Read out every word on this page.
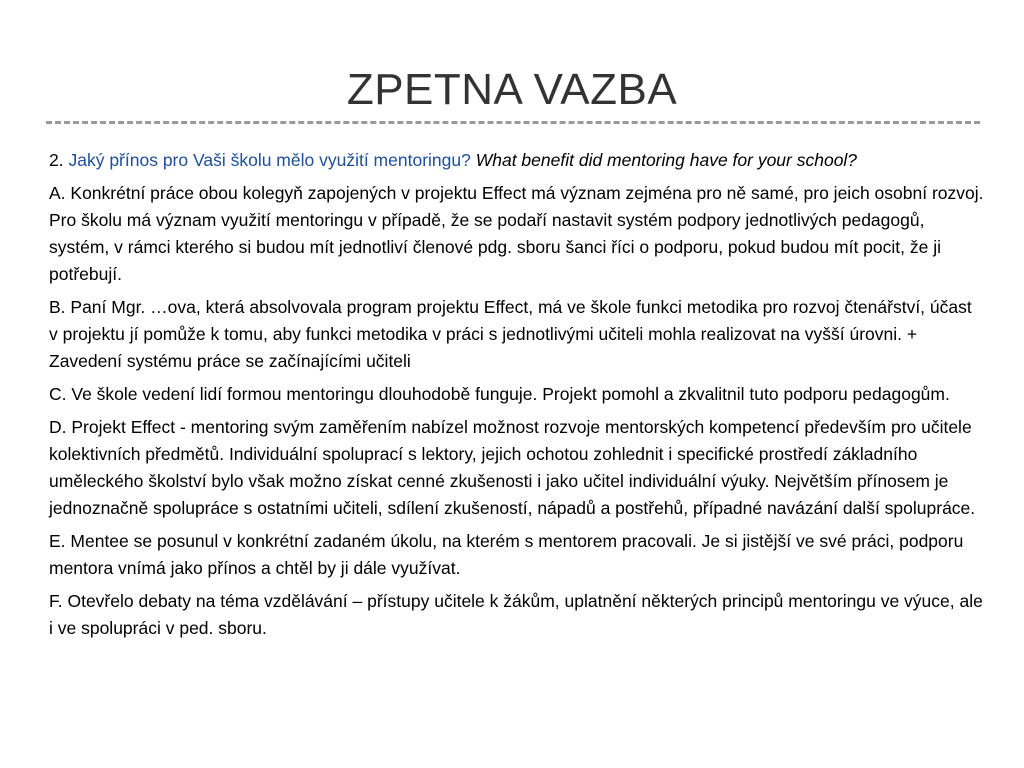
ZPETNA VAZBA

2. Jaký přínos pro Vaši školu mělo využití mentoringu? What benefit did mentoring have for your school?

A. Konkrétní práce obou kolegyň zapojených v projektu Effect má význam zejména pro ně samé, pro jeich osobní rozvoj. Pro školu má význam využití mentoringu v případě, že se podaří nastavit systém podpory jednotlivých pedagogů, systém, v rámci kterého si budou mít jednotliví členové pdg. sboru šanci říci o podporu, pokud budou mít pocit, že ji potřebují.

B. Paní Mgr. …ova, která absolvovala program projektu Effect, má ve škole funkci metodika pro rozvoj čtenářství, účast v projektu jí pomůže k tomu, aby funkci metodika v práci s jednotlivými učiteli mohla realizovat na vyšší úrovni. + Zavedení systému práce se začínajícími učiteli

C. Ve škole vedení lidí formou mentoringu dlouhodobě funguje. Projekt pomohl a zkvalitnil tuto podporu pedagogům.

D. Projekt Effect - mentoring svým zaměřením nabízel možnost rozvoje mentorských kompetencí především pro učitele kolektivních předmětů. Individuální spoluprací s lektory, jejich ochotou zohlednit i specifické prostředí základního uměleckého školství bylo však možno získat cenné zkušenosti i jako učitel individuální výuky. Největším přínosem je jednoznačně spolupráce s ostatními učiteli, sdílení zkušeností, nápadů a postřehů, případné navázání další spolupráce.

E. Mentee se posunul v konkrétní zadaném úkolu, na kterém s mentorem pracovali. Je si jistější ve své práci, podporu mentora vnímá jako přínos a chtěl by ji dále využívat.

F. Otevřelo debaty na téma vzdělávání – přístupy učitele k žákům, uplatnění některých principů mentoringu ve výuce, ale i ve spolupráci v ped. sboru.
